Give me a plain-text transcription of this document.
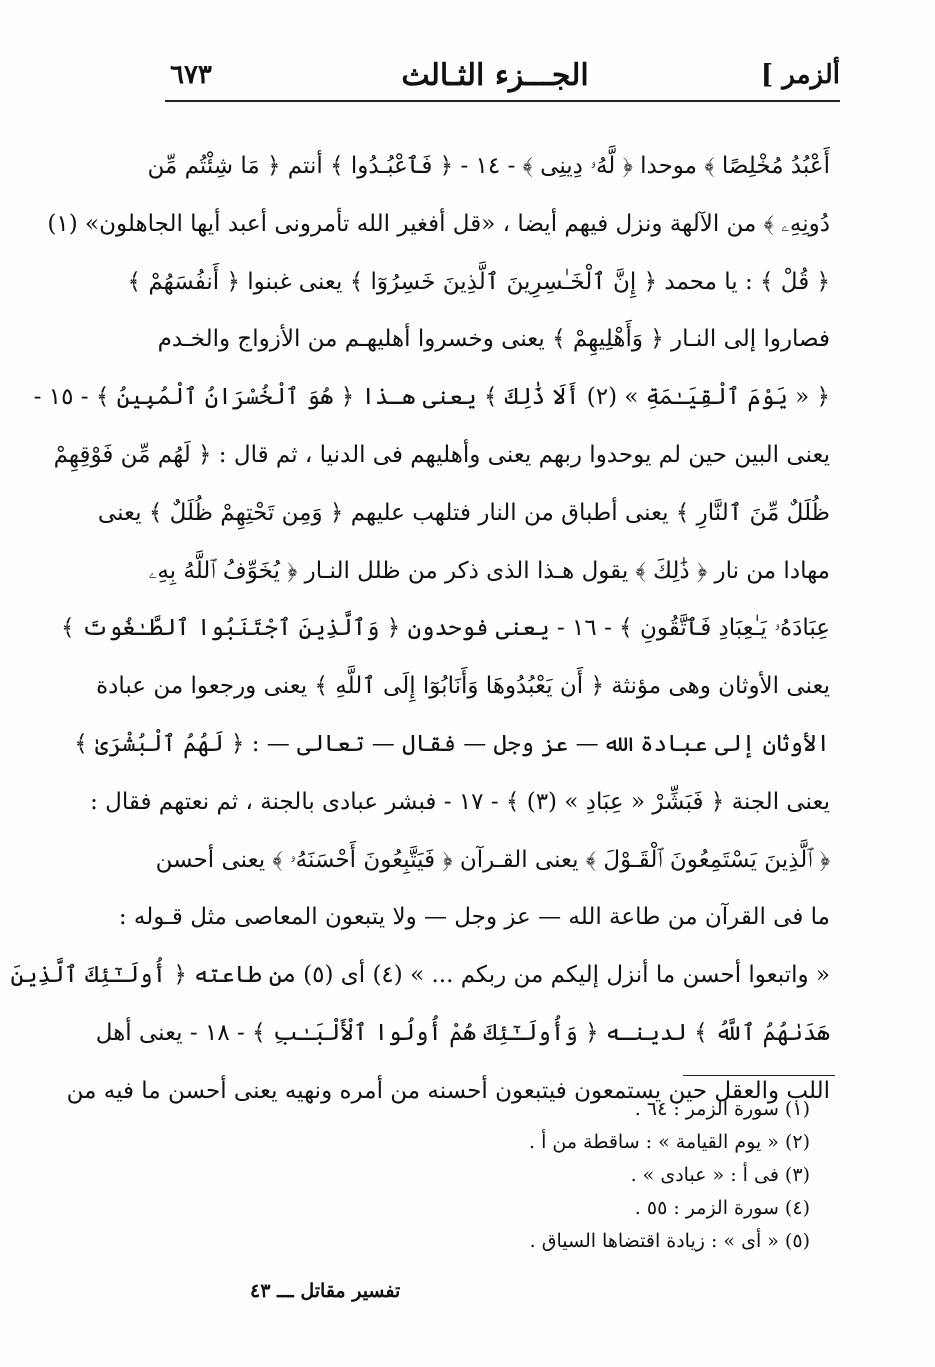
ألزمر ]
الجـــزء الثـالث
٦٧٣
أَعْبُدُ مُخْلِصًا ﴾ موحدا ﴿ لَّهُۥ دِينِى ﴾ - ١٤ - ﴿ فَٱعْبُـدُوا ﴾ أنتم ﴿ مَا شِئْتُم مِّن
دُونِهِۦ ﴾ من الآلهة ونزل فيهم أيضا ، «قل أفغير الله تأمرونى أعبد أيها الجاهلون» (١)
﴿ قُلْ ﴾ : يا محمد ﴿ إِنَّ ٱلْخَـٰسِرِينَ ٱلَّذِينَ خَسِرُوٓا ﴾ يعنى غبنوا ﴿ أَنفُسَهُمْ ﴾
فصاروا إلى النـار ﴿ وَأَهْلِيهِمْ ﴾ يعنى وخسروا أهليهـم من الأزواج والخـدم
﴿ « يَوْمَ ٱلْقِيَـٰمَةِ » (٢) أَلَا ذَٰلِكَ ﴾ يعنى هـذا ﴿ هُوَ ٱلْخُسْرَانُ ٱلْمُبِينُ ﴾ - ١٥ -
يعنى البين حين لم يوحدوا ربهم يعنى وأهليهم فى الدنيا ، ثم قال : ﴿ لَهُم مِّن فَوْقِهِمْ
ظُلَلٌ مِّنَ ٱلنَّارِ ﴾ يعنى أطباق من النار فتلهب عليهم ﴿ وَمِن تَحْتِهِمْ ظُلَلٌ ﴾ يعنى
مهادا من نار ﴿ ذَٰلِكَ ﴾ يقول هـذا الذى ذكر من ظلل النـار ﴿ يُخَوِّفُ ٱللَّهُ بِهِۦ
عِبَادَهُۥ يَـٰعِبَادِ فَٱتَّقُونِ ﴾ - ١٦ - يعنى فوحدون ﴿ وَٱلَّذِينَ ٱجْتَنَبُوا ٱلطَّـٰغُوتَ ﴾
يعنى الأوثان وهى مؤنثة ﴿ أَن يَعْبُدُوهَا وَأَنَابُوٓا إِلَى ٱللَّهِ ﴾ يعنى ورجعوا من عبادة
الأوثان إلى عبادة الله — عز وجل — فقال — تعالى — : ﴿ لَهُمُ ٱلْبُشْرَىٰ ﴾
يعنى الجنة ﴿ فَبَشِّرْ « عِبَادِ » (٣) ﴾ - ١٧ - فبشر عبادى بالجنة ، ثم نعتهم فقال :
﴿ ٱلَّذِينَ يَسْتَمِعُونَ ٱلْقَـوْلَ ﴾ يعنى القـرآن ﴿ فَيَتَّبِعُونَ أَحْسَنَهُۥ ﴾ يعنى أحسن
ما فى القرآن من طاعة الله — عز وجل — ولا يتبعون المعاصى مثل قـوله :
« واتبعوا أحسن ما أنزل إليكم من ربكم ... » (٤) أى (٥) من طاعته ﴿ أُولَـٰٓئِكَ ٱلَّذِينَ
هَدَىٰهُمُ ٱللَّهُ ﴾ لدينـه ﴿ وَأُولَـٰٓئِكَ هُمْ أُولُوا ٱلْأَلْبَـٰبِ ﴾ - ١٨ - يعنى أهل
اللب والعقل حين يستمعون فيتبعون أحسنه من أمره ونهيه يعنى أحسن ما فيه من
(١) سورة الزمر : ٦٤ .
(٢) « يوم القيامة » : ساقطة من أ .
(٣) فى أ : « عبادى » .
(٤) سورة الزمر : ٥٥ .
(٥) « أى » : زيادة اقتضاها السياق .
تفسير مقاتل ـــ ٤٣
